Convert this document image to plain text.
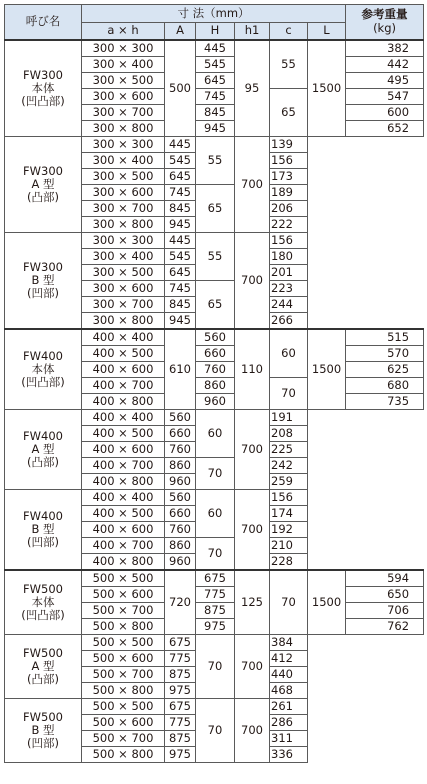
呼び名	寸 法（mm）						参考重量
(kg)
	a × h	A	H	h1	c	L	
FW300
本体
(凹凸部)	300 × 300	500	445	95	55	1500	382
	300 × 400		545				442
	300 × 500		645				495
	300 × 600		745		65		547
	300 × 700		845				600
	300 × 800		945				652
FW300
A 型
(凸部)	300 × 300	445	55	700	139		
	300 × 400	545			156		
	300 × 500	645			173		
	300 × 600	745	65		189		
	300 × 700	845			206		
	300 × 800	945			222		
FW300
B 型
(凹部)	300 × 300	445	55	700	156		
	300 × 400	545			180		
	300 × 500	645			201		
	300 × 600	745	65		223		
	300 × 700	845			244		
	300 × 800	945			266		
FW400
本体
(凹凸部)	400 × 400	610	560	110	60	1500	515
	400 × 500		660				570
	400 × 600		760				625
	400 × 700		860		70		680
	400 × 800		960				735
FW400
A 型
(凸部)	400 × 400	560	60	700	191		
	400 × 500	660			208		
	400 × 600	760			225		
	400 × 700	860	70		242		
	400 × 800	960			259		
FW400
B 型
(凹部)	400 × 400	560	60	700	156		
	400 × 500	660			174		
	400 × 600	760			192		
	400 × 700	860	70		210		
	400 × 800	960			228		
FW500
本体
(凹凸部)	500 × 500	720	675	125	70	1500	594
	500 × 600		775				650
	500 × 700		875				706
	500 × 800		975				762
FW500
A 型
(凸部)	500 × 500	675	70	700	384		
	500 × 600	775			412		
	500 × 700	875			440		
	500 × 800	975			468		
FW500
B 型
(凹部)	500 × 500	675	70	700	261		
	500 × 600	775			286		
	500 × 700	875			311		
	500 × 800	975			336		
